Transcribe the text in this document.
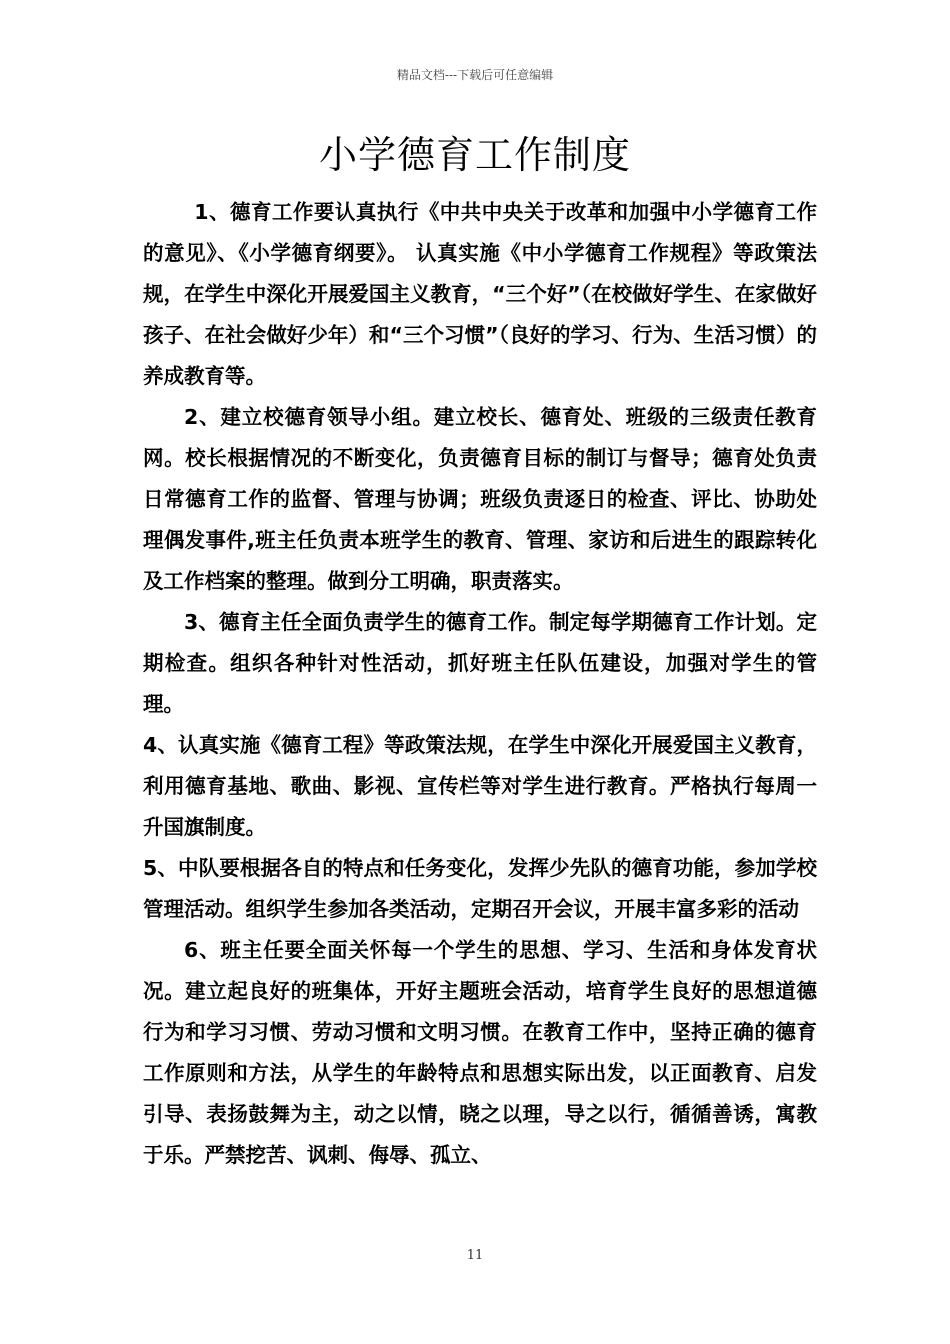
精品文档---下载后可任意编辑
小学德育工作制度

1、德育工作要认真执行《中共中央关于改革和加强中小学德育工作的意见》、《小学德育纲要》。 认真实施《中小学德育工作规程》等政策法规，在学生中深化开展爱国主义教育，“三个好”（在校做好学生、在家做好孩子、在社会做好少年）和“三个习惯”（良好的学习、行为、生活习惯）的养成教育等。

2、建立校德育领导小组。建立校长、德育处、班级的三级责任教育网。校长根据情况的不断变化，负责德育目标的制订与督导；德育处负责日常德育工作的监督、管理与协调；班级负责逐日的检查、评比、协助处理偶发事件,班主任负责本班学生的教育、管理、家访和后进生的跟踪转化及工作档案的整理。做到分工明确，职责落实。

3、德育主任全面负责学生的德育工作。制定每学期德育工作计划。定期检查。组织各种针对性活动，抓好班主任队伍建设，加强对学生的管理。

4、认真实施《德育工程》等政策法规，在学生中深化开展爱国主义教育，利用德育基地、歌曲、影视、宣传栏等对学生进行教育。严格执行每周一升国旗制度。

5、中队要根据各自的特点和任务变化，发挥少先队的德育功能，参加学校管理活动。组织学生参加各类活动，定期召开会议，开展丰富多彩的活动

6、班主任要全面关怀每一个学生的思想、学习、生活和身体发育状况。建立起良好的班集体，开好主题班会活动，培育学生良好的思想道德行为和学习习惯、劳动习惯和文明习惯。在教育工作中，坚持正确的德育工作原则和方法，从学生的年龄特点和思想实际出发，以正面教育、启发引导、表扬鼓舞为主，动之以情，晓之以理，导之以行，循循善诱，寓教于乐。严禁挖苦、讽刺、侮辱、孤立、

11
